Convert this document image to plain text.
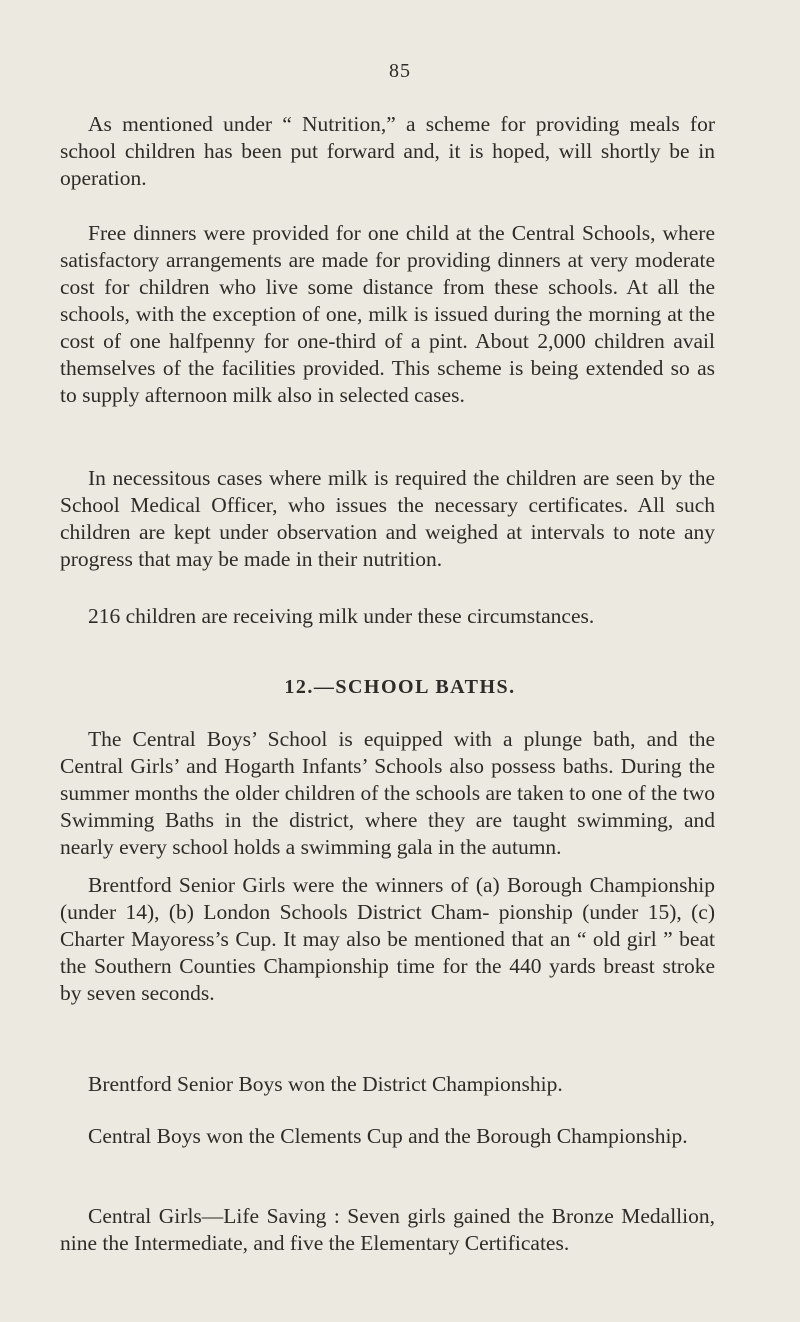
85

As mentioned under “ Nutrition,” a scheme for providing meals for school children has been put forward and, it is hoped, will shortly be in operation.

Free dinners were provided for one child at the Central Schools, where satisfactory arrangements are made for providing dinners at very moderate cost for children who live some distance from these schools. At all the schools, with the exception of one, milk is issued during the morning at the cost of one halfpenny for one-third of a pint. About 2,000 children avail themselves of the facilities provided. This scheme is being extended so as to supply afternoon milk also in selected cases.

In necessitous cases where milk is required the children are seen by the School Medical Officer, who issues the necessary certificates. All such children are kept under observation and weighed at intervals to note any progress that may be made in their nutrition.

216 children are receiving milk under these circumstances.

12.—SCHOOL BATHS.

The Central Boys’ School is equipped with a plunge bath, and the Central Girls’ and Hogarth Infants’ Schools also possess baths. During the summer months the older children of the schools are taken to one of the two Swimming Baths in the district, where they are taught swimming, and nearly every school holds a swimming gala in the autumn.

Brentford Senior Girls were the winners of (a) Borough Championship (under 14), (b) London Schools District Cham- pionship (under 15), (c) Charter Mayoress’s Cup. It may also be mentioned that an “ old girl ” beat the Southern Counties Championship time for the 440 yards breast stroke by seven seconds.

Brentford Senior Boys won the District Championship.

Central Boys won the Clements Cup and the Borough Championship.

Central Girls—Life Saving : Seven girls gained the Bronze Medallion, nine the Intermediate, and five the Elementary Certificates.
